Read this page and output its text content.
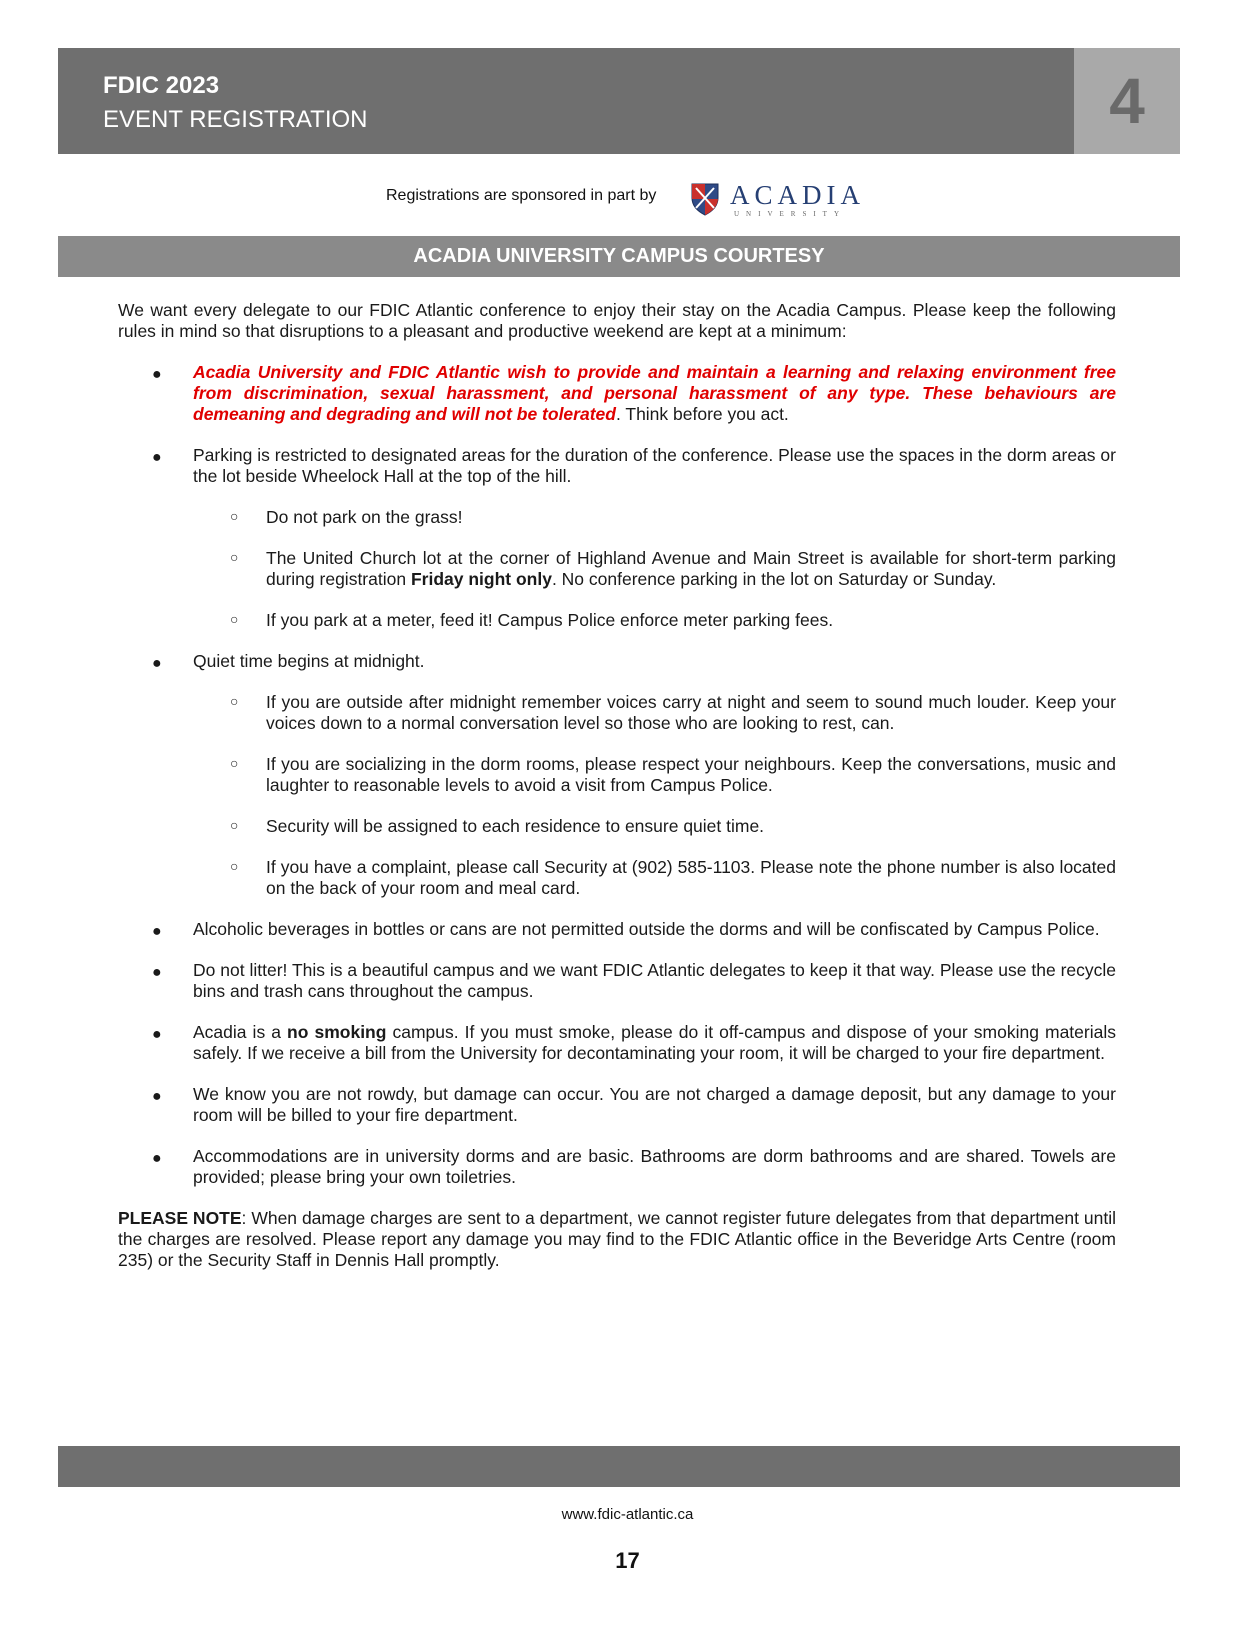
FDIC 2023
EVENT REGISTRATION	4
Registrations are sponsored in part by	ACADIA
UNIVERSITY
ACADIA UNIVERSITY CAMPUS COURTESY

We want every delegate to our FDIC Atlantic conference to enjoy their stay on the Acadia Campus. Please keep the following rules in mind so that disruptions to a pleasant and productive weekend are kept at a minimum:

● Acadia University and FDIC Atlantic wish to provide and maintain a learning and relaxing environment free from discrimination, sexual harassment, and personal harassment of any type. These behaviours are demeaning and degrading and will not be tolerated. Think before you act.
● Parking is restricted to designated areas for the duration of the conference. Please use the spaces in the dorm areas or the lot beside Wheelock Hall at the top of the hill.
○ Do not park on the grass!
○ The United Church lot at the corner of Highland Avenue and Main Street is available for short-term parking during registration Friday night only. No conference parking in the lot on Saturday or Sunday.
○ If you park at a meter, feed it! Campus Police enforce meter parking fees.
● Quiet time begins at midnight.
○ If you are outside after midnight remember voices carry at night and seem to sound much louder. Keep your voices down to a normal conversation level so those who are looking to rest, can.
○ If you are socializing in the dorm rooms, please respect your neighbours. Keep the conversations, music and laughter to reasonable levels to avoid a visit from Campus Police.
○ Security will be assigned to each residence to ensure quiet time.
○ If you have a complaint, please call Security at (902) 585-1103. Please note the phone number is also located on the back of your room and meal card.
● Alcoholic beverages in bottles or cans are not permitted outside the dorms and will be confiscated by Campus Police.
● Do not litter! This is a beautiful campus and we want FDIC Atlantic delegates to keep it that way. Please use the recycle bins and trash cans throughout the campus.
● Acadia is a no smoking campus. If you must smoke, please do it off-campus and dispose of your smoking materials safely. If we receive a bill from the University for decontaminating your room, it will be charged to your fire department.
● We know you are not rowdy, but damage can occur. You are not charged a damage deposit, but any damage to your room will be billed to your fire department.
● Accommodations are in university dorms and are basic. Bathrooms are dorm bathrooms and are shared. Towels are provided; please bring your own toiletries.

PLEASE NOTE: When damage charges are sent to a department, we cannot register future delegates from that department until the charges are resolved. Please report any damage you may find to the FDIC Atlantic office in the Beveridge Arts Centre (room 235) or the Security Staff in Dennis Hall promptly.

www.fdic-atlantic.ca
17
